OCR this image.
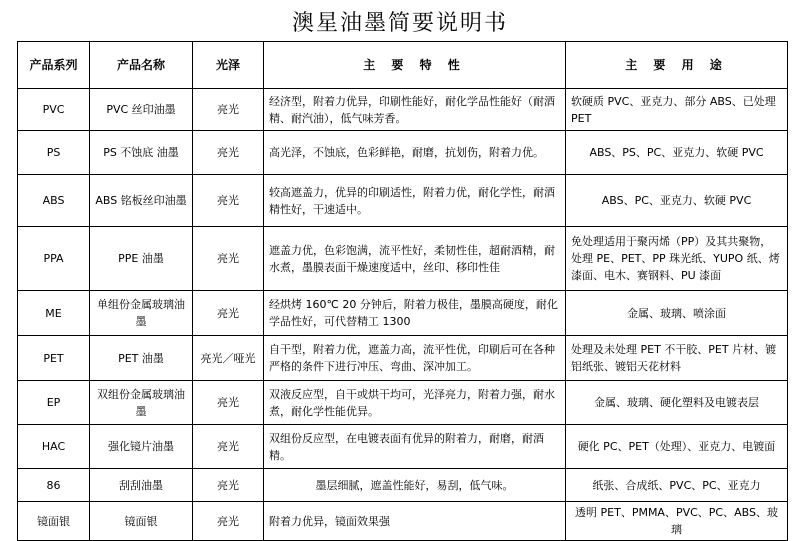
澳星油墨简要说明书
产品系列	产品名称	光泽	主 要 特 性	主 要 用 途
PVC	PVC 丝印油墨	亮光	经济型，附着力优异，印刷性能好，耐化学品性能好（耐酒精、耐汽油），低气味芳香。	软硬质 PVC、亚克力、部分 ABS、已处理 PET
PS	PS 不蚀底 油墨	亮光	高光泽，不蚀底，色彩鲜艳，耐磨，抗划伤，附着力优。	ABS、PS、PC、亚克力、软硬 PVC
ABS	ABS 铭板丝印油墨	亮光	较高遮盖力，优异的印刷适性，附着力优，耐化学性，耐酒精性好，干速适中。	ABS、PC、亚克力、软硬 PVC
PPA	PPE 油墨	亮光	遮盖力优，色彩饱满，流平性好，柔韧性佳，超耐酒精，耐水煮，墨膜表面干燥速度适中，丝印、移印性佳	免处理适用于聚丙烯（PP）及其共聚物，处理 PE、PET、PP 珠光纸、YUPO 纸、烤漆面、电木、赛钢料、PU 漆面
ME	单组份金属玻璃油墨	亮光	经烘烤 160℃ 20 分钟后，附着力极佳，墨膜高硬度，耐化学品性好，可代替精工 1300	金属、玻璃、喷涂面
PET	PET 油墨	亮光／哑光	自干型，附着力优，遮盖力高，流平性优，印刷后可在各种严格的条件下进行冲压、弯曲、深冲加工。	处理及未处理 PET 不干胶、PET 片材、镀铝纸张、镀铝天花材料
EP	双组份金属玻璃油墨	亮光	双液反应型，自干或烘干均可，光泽亮力，附着力强，耐水煮，耐化学性能优异。	金属、玻璃、硬化塑料及电镀表层
HAC	强化镜片油墨	亮光	双组份反应型，在电镀表面有优异的附着力，耐磨，耐酒精。	硬化 PC、PET（处理）、亚克力、电镀面
86	刮刮油墨	亮光	墨层细腻，遮盖性能好，易刮，低气味。	纸张、合成纸、PVC、PC、亚克力
镜面银	镜面银	亮光	附着力优异，镜面效果强	透明 PET、PMMA、PVC、PC、ABS、玻璃
